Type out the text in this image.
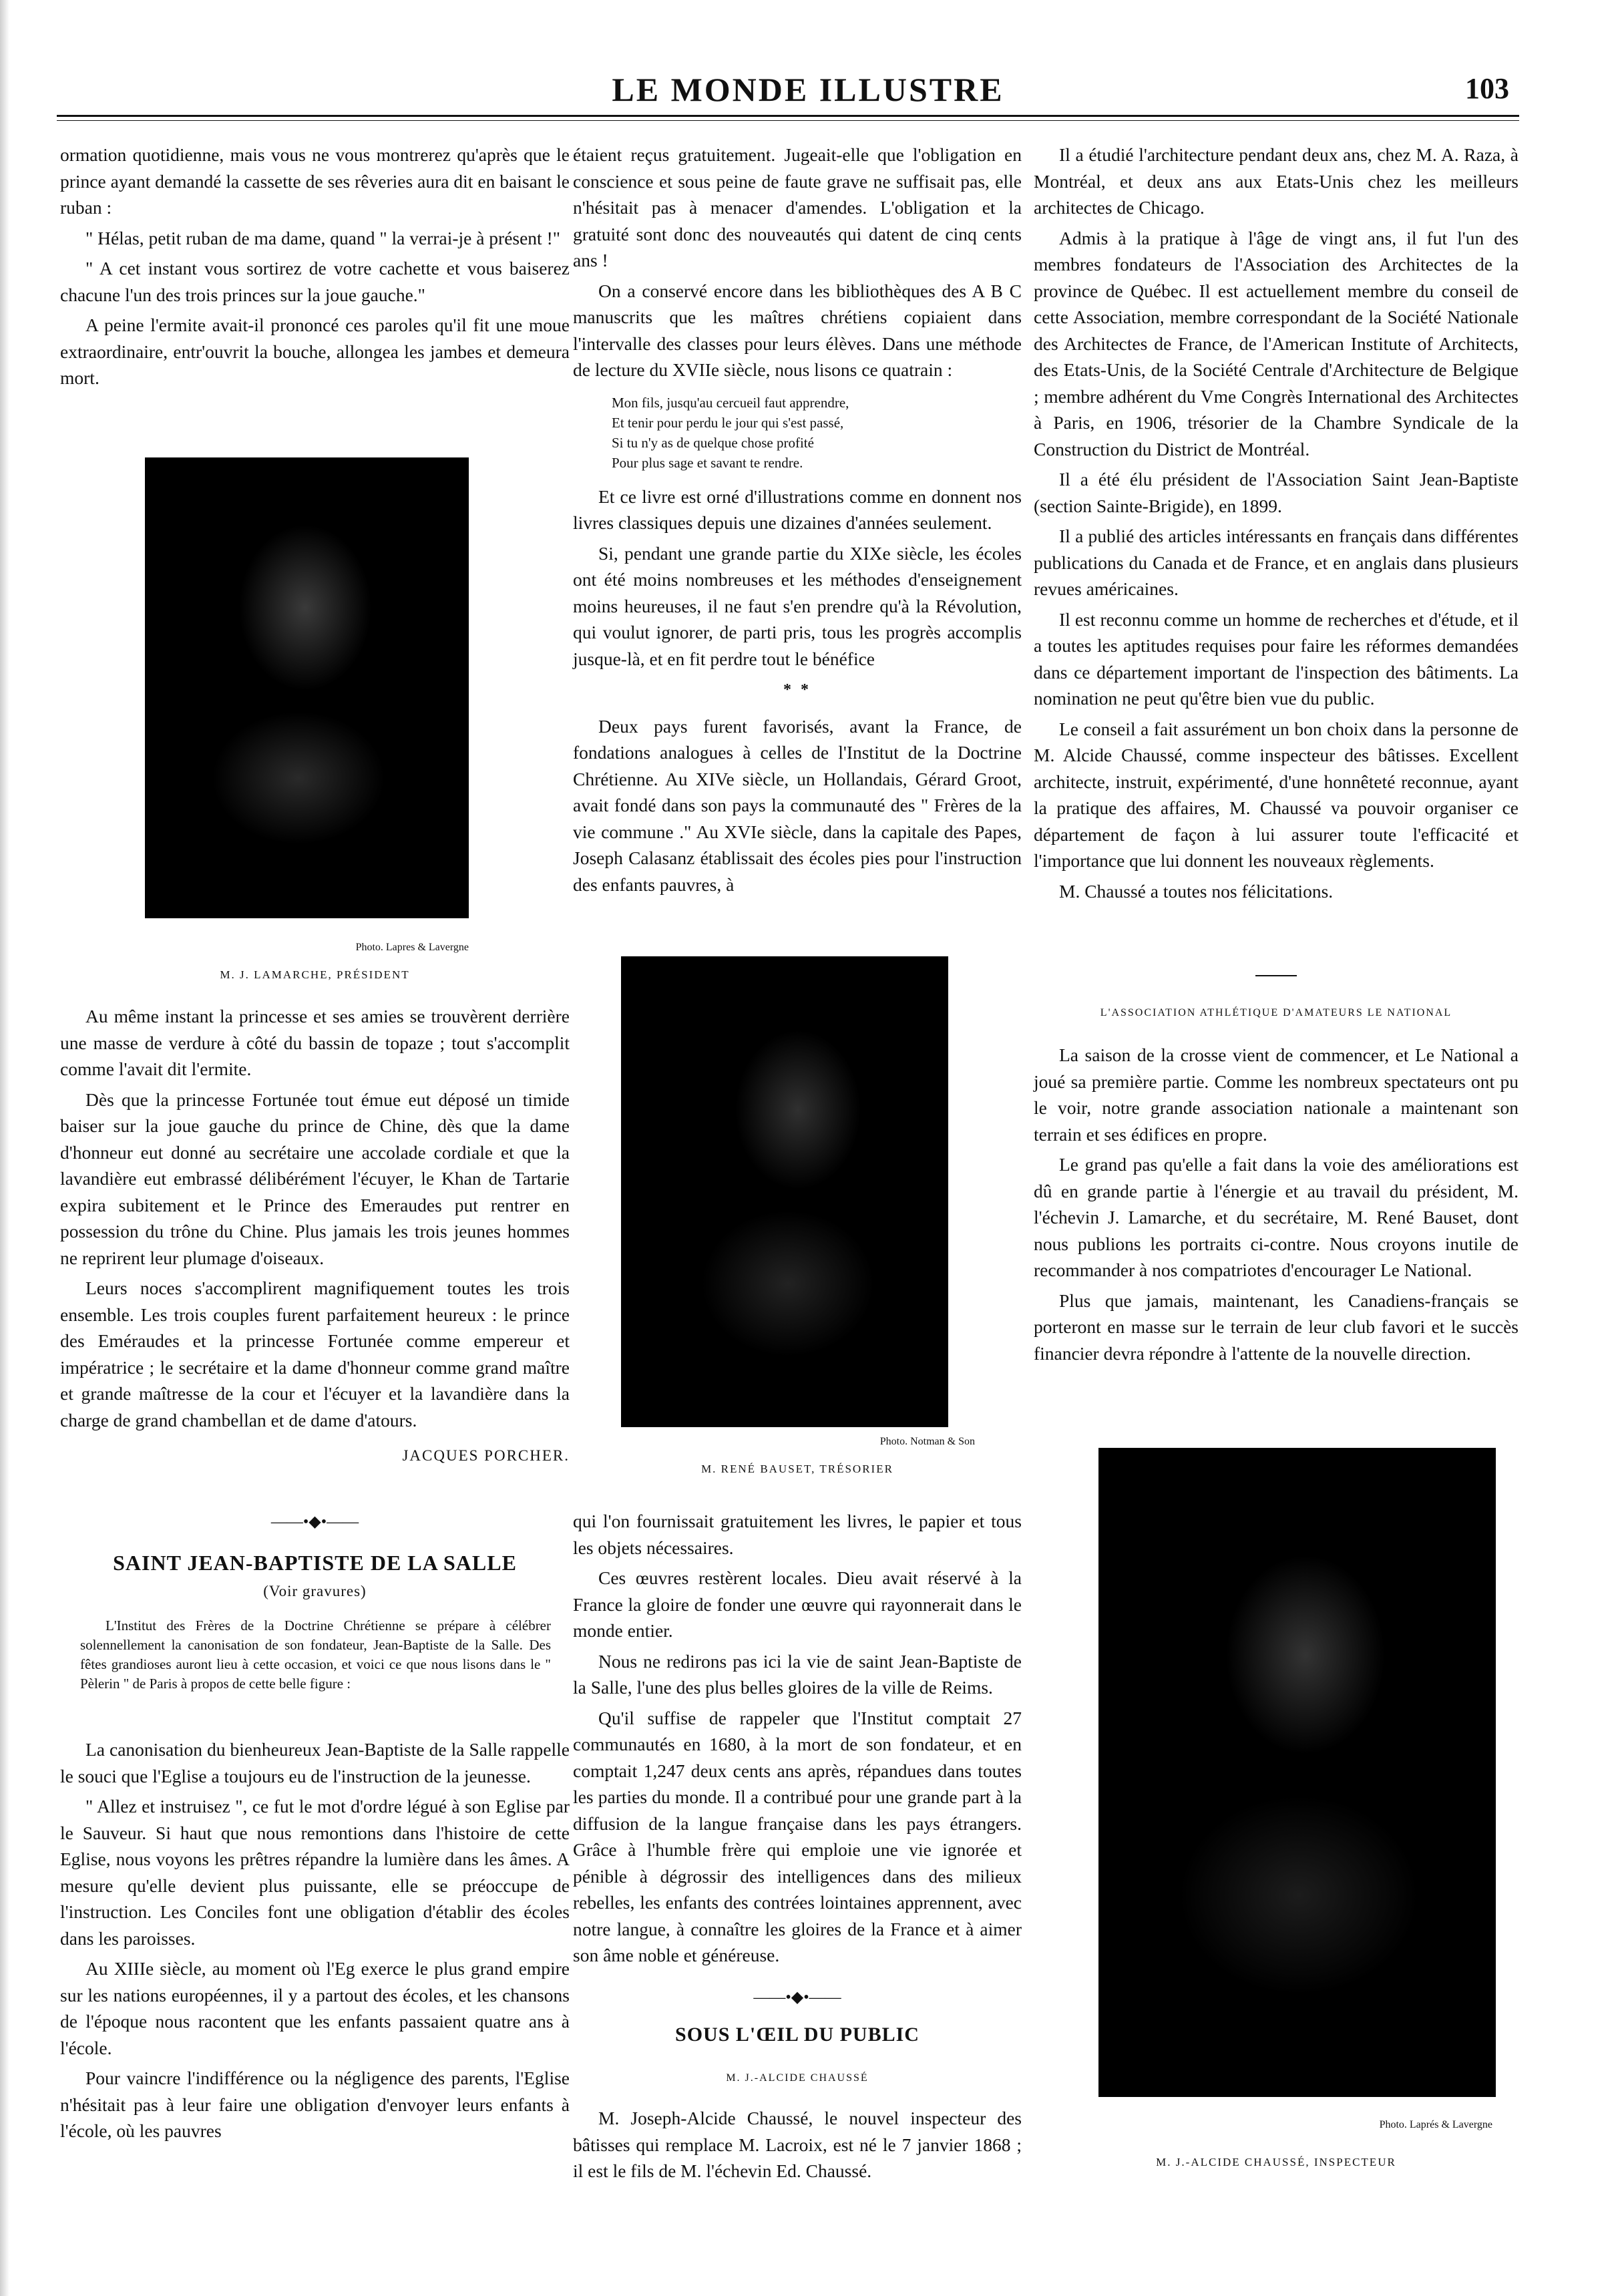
LE MONDE ILLUSTRE	103

ormation quotidienne, mais vous ne vous montrerez qu'après que le prince ayant demandé la cassette de ses rêveries aura dit en baisant le ruban :

" Hélas, petit ruban de ma dame, quand " la verrai-je à présent !"

" A cet instant vous sortirez de votre cachette et vous baiserez chacune l'un des trois princes sur la joue gauche."

A peine l'ermite avait-il prononcé ces paroles qu'il fit une moue extraordinaire, entr'ouvrit la bouche, allongea les jambes et demeura mort.

Photo. Lapres & Lavergne
M. J. LAMARCHE, PRÉSIDENT

Au même instant la princesse et ses amies se trouvèrent derrière une masse de verdure à côté du bassin de topaze ; tout s'accomplit comme l'avait dit l'ermite.

Dès que la princesse Fortunée tout émue eut déposé un timide baiser sur la joue gauche du prince de Chine, dès que la dame d'honneur eut donné au secrétaire une accolade cordiale et que la lavandière eut embrassé délibérément l'écuyer, le Khan de Tartarie expira subitement et le Prince des Emeraudes put rentrer en possession du trône du Chine. Plus jamais les trois jeunes hommes ne reprirent leur plumage d'oiseaux.

Leurs noces s'accomplirent magnifiquement toutes les trois ensemble. Les trois couples furent parfaitement heureux : le prince des Eméraudes et la princesse Fortunée comme empereur et impératrice ; le secrétaire et la dame d'honneur comme grand maître et grande maîtresse de la cour et l'écuyer et la lavandière dans la charge de grand chambellan et de dame d'atours.

JACQUES PORCHER.
——•◆•——
SAINT JEAN-BAPTISTE DE LA SALLE
(Voir gravures)

L'Institut des Frères de la Doctrine Chrétienne se prépare à célébrer solennellement la canonisation de son fondateur, Jean-Baptiste de la Salle. Des fêtes grandioses auront lieu à cette occasion, et voici ce que nous lisons dans le " Pèlerin " de Paris à propos de cette belle figure :

La canonisation du bienheureux Jean-Baptiste de la Salle rappelle le souci que l'Eglise a toujours eu de l'instruction de la jeunesse.

" Allez et instruisez ", ce fut le mot d'ordre légué à son Eglise par le Sauveur. Si haut que nous remontions dans l'histoire de cette Eglise, nous voyons les prêtres répandre la lumière dans les âmes. A mesure qu'elle devient plus puissante, elle se préoccupe de l'instruction. Les Conciles font une obligation d'établir des écoles dans les paroisses.

Au XIIIe siècle, au moment où l'Eg exerce le plus grand empire sur les nations européennes, il y a partout des écoles, et les chansons de l'époque nous racontent que les enfants passaient quatre ans à l'école.

Pour vaincre l'indifférence ou la négligence des parents, l'Eglise n'hésitait pas à leur faire une obligation d'envoyer leurs enfants à l'école, où les pauvres

étaient reçus gratuitement. Jugeait-elle que l'obligation en conscience et sous peine de faute grave ne suffisait pas, elle n'hésitait pas à menacer d'amendes. L'obligation et la gratuité sont donc des nouveautés qui datent de cinq cents ans !

On a conservé encore dans les bibliothèques des A B C manuscrits que les maîtres chrétiens copiaient dans l'intervalle des classes pour leurs élèves. Dans une méthode de lecture du XVIIe siècle, nous lisons ce quatrain :

Mon fils, jusqu'au cercueil faut apprendre,
Et tenir pour perdu le jour qui s'est passé,
Si tu n'y as de quelque chose profité
Pour plus sage et savant te rendre.

Et ce livre est orné d'illustrations comme en donnent nos livres classiques depuis une dizaines d'années seulement.

Si, pendant une grande partie du XIXe siècle, les écoles ont été moins nombreuses et les méthodes d'enseignement moins heureuses, il ne faut s'en prendre qu'à la Révolution, qui voulut ignorer, de parti pris, tous les progrès accomplis jusque-là, et en fit perdre tout le bénéfice

* *

Deux pays furent favorisés, avant la France, de fondations analogues à celles de l'Institut de la Doctrine Chrétienne. Au XIVe siècle, un Hollandais, Gérard Groot, avait fondé dans son pays la communauté des " Frères de la vie commune ." Au XVIe siècle, dans la capitale des Papes, Joseph Calasanz établissait des écoles pies pour l'instruction des enfants pauvres, à

Photo. Notman & Son
M. RENÉ BAUSET, TRÉSORIER

qui l'on fournissait gratuitement les livres, le papier et tous les objets nécessaires.

Ces œuvres restèrent locales. Dieu avait réservé à la France la gloire de fonder une œuvre qui rayonnerait dans le monde entier.

Nous ne redirons pas ici la vie de saint Jean-Baptiste de la Salle, l'une des plus belles gloires de la ville de Reims.

Qu'il suffise de rappeler que l'Institut comptait 27 communautés en 1680, à la mort de son fondateur, et en comptait 1,247 deux cents ans après, répandues dans toutes les parties du monde. Il a contribué pour une grande part à la diffusion de la langue française dans les pays étrangers. Grâce à l'humble frère qui emploie une vie ignorée et pénible à dégrossir des intelligences dans des milieux rebelles, les enfants des contrées lointaines apprennent, avec notre langue, à connaître les gloires de la France et à aimer son âme noble et généreuse.

——•◆•——
SOUS L'ŒIL DU PUBLIC
M. J.-ALCIDE CHAUSSÉ

M. Joseph-Alcide Chaussé, le nouvel inspecteur des bâtisses qui remplace M. Lacroix, est né le 7 janvier 1868 ; il est le fils de M. l'échevin Ed. Chaussé.

Il a étudié l'architecture pendant deux ans, chez M. A. Raza, à Montréal, et deux ans aux Etats-Unis chez les meilleurs architectes de Chicago.

Admis à la pratique à l'âge de vingt ans, il fut l'un des membres fondateurs de l'Association des Architectes de la province de Québec. Il est actuellement membre du conseil de cette Association, membre correspondant de la Société Nationale des Architectes de France, de l'American Institute of Architects, des Etats-Unis, de la Société Centrale d'Architecture de Belgique ; membre adhérent du Vme Congrès International des Architectes à Paris, en 1906, trésorier de la Chambre Syndicale de la Construction du District de Montréal.

Il a été élu président de l'Association Saint Jean-Baptiste (section Sainte-Brigide), en 1899.

Il a publié des articles intéressants en français dans différentes publications du Canada et de France, et en anglais dans plusieurs revues américaines.

Il est reconnu comme un homme de recherches et d'étude, et il a toutes les aptitudes requises pour faire les réformes demandées dans ce département important de l'inspection des bâtiments. La nomination ne peut qu'être bien vue du public.

Le conseil a fait assurément un bon choix dans la personne de M. Alcide Chaussé, comme inspecteur des bâtisses. Excellent architecte, instruit, expérimenté, d'une honnêteté reconnue, ayant la pratique des affaires, M. Chaussé va pouvoir organiser ce département de façon à lui assurer toute l'efficacité et l'importance que lui donnent les nouveaux règlements.

M. Chaussé a toutes nos félicitations.

L'ASSOCIATION ATHLÉTIQUE D'AMATEURS LE NATIONAL

La saison de la crosse vient de commencer, et Le National a joué sa première partie. Comme les nombreux spectateurs ont pu le voir, notre grande association nationale a maintenant son terrain et ses édifices en propre.

Le grand pas qu'elle a fait dans la voie des améliorations est dû en grande partie à l'énergie et au travail du président, M. l'échevin J. Lamarche, et du secrétaire, M. René Bauset, dont nous publions les portraits ci-contre. Nous croyons inutile de recommander à nos compatriotes d'encourager Le National.

Plus que jamais, maintenant, les Canadiens-français se porteront en masse sur le terrain de leur club favori et le succès financier devra répondre à l'attente de la nouvelle direction.

Photo. Laprés & Lavergne
M. J.-ALCIDE CHAUSSÉ, INSPECTEUR
